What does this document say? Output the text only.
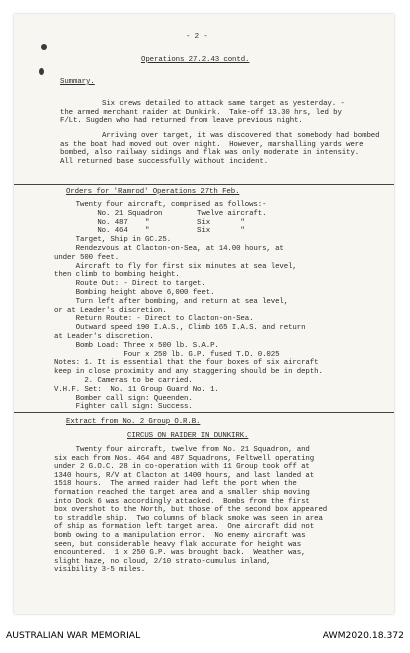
- 2 -
Operations 27.2.43 contd.
Summary.
Six crews detailed to attack same target as yesterday. -
the armed merchant raider at Dunkirk.  Take-off 13.30 hrs, led by
F/Lt. Sugden who had returned from leave previous night.
Arriving over target, it was discovered that somebody had bombed
as the boat had moved out over night.  However, marshalling yards were
bombed, also railway sidings and flak was only moderate in intensity.
All returned base successfully without incident.
Orders for 'Ramrod' Operations 27th Feb.
Twenty four aircraft, comprised as follows:-
No. 21 Squadron        Twelve aircraft.
No. 487    "           Six       "
No. 464    "           Six       "
Target, Ship in GC.25.
Rendezvous at Clacton-on-Sea, at 14.00 hours, at
under 500 feet.
Aircraft to fly for first six minutes at sea level,
then climb to bombing height.
Route Out: - Direct to target.
Bombing height above 6,000 feet.
Turn left after bombing, and return at sea level,
or at Leader's discretion.
Return Route: - Direct to Clacton-on-Sea.
Outward speed 190 I.A.S., Climb 165 I.A.S. and return
at Leader's discretion.
Bomb Load: Three x 500 lb. S.A.P.
Four x 250 lb. G.P. fused T.D. 0.025
Notes: 1. It is essential that the four boxes of six aircraft
keep in close proximity and any staggering should be in depth.
2. Cameras to be carried.
V.H.F. Set:  No. 11 Group Guard No. 1.
Bomber call sign: Queenden.
Fighter call sign: Success.
Extract from No. 2 Group O.R.B.
CIRCUS ON RAIDER IN DUNKIRK.
Twenty four aircraft, twelve from No. 21 Squadron, and
six each from Nos. 464 and 487 Squadrons, Feltwell operating
under 2 G.O.C. 28 in co-operation with 11 Group took off at
1340 hours, R/V at Clacton at 1400 hours, and last landed at
1518 hours.  The armed raider had left the port when the
formation reached the target area and a smaller ship moving
into Dock 6 was accordingly attacked.  Bombs from the first
box overshot to the North, but those of the second box appeared
to straddle ship.  Two columns of black smoke was seen in area
of ship as formation left target area.  One aircraft did not
bomb owing to a manipulation error.  No enemy aircraft was
seen, but considerable heavy flak accurate for height was
encountered.  1 x 250 G.P. was brought back.  Weather was,
slight haze, no cloud, 2/10 strato-cumulus inland,
visibility 3-5 miles.
AUSTRALIAN WAR MEMORIAL	AWM2020.18.372
